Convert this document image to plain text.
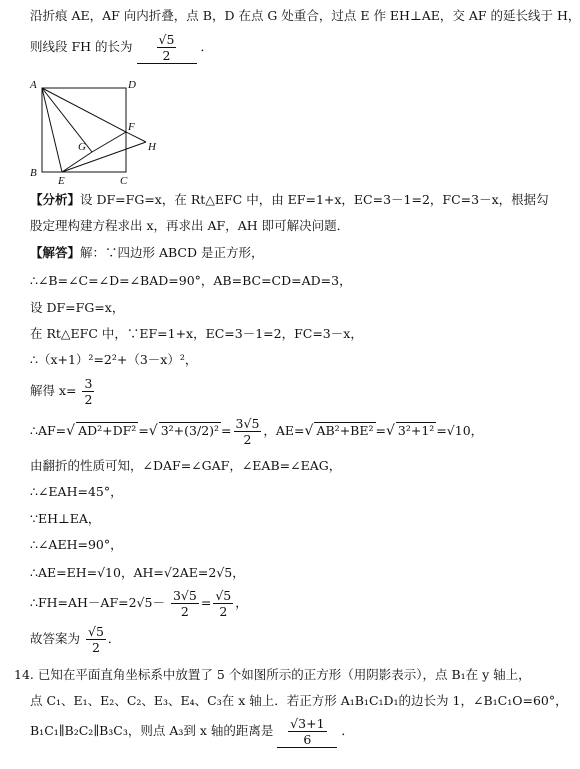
沿折痕 AE，AF 向内折叠，点 B，D 在点 G 处重合，过点 E 作 EH⊥AE，交 AF 的延长线于 H，
则线段 FH 的长为 $\frac{√5}{2}$ ．
A	D
B
C
E
F
G	H
【分析】设 DF=FG=x，在 Rt△EFC 中，由 EF=1+x，EC=3－1=2，FC=3－x，根据勾
股定理构建方程求出 x，再求出 AF，AH 即可解决问题．
【解答】解：∵四边形 ABCD 是正方形，
∴∠B=∠C=∠D=∠BAD=90°，AB=BC=CD=AD=3，
设 DF=FG=x，
在 Rt△EFC 中，∵EF=1+x，EC=3－1=2，FC=3－x，
∴（x+1）²=2²+（3－x）²，
解得 $x= \frac{3}{2}$
∴AF=√ AD²+DF² =√ $3^2+(3/2)^2 = \frac{3√5}{2}$ ，AE=√ AB²+BE² =√ 3²+1² =√10，
由翻折的性质可知，∠DAF=∠GAF，∠EAB=∠EAG，
∴∠EAH=45°，
∵EH⊥EA，
∴∠AEH=90°，
∴AE=EH=√10，AH=√2AE=2√5，
∴FH=AH－AF=2√5－ $\frac{3√5}{2} = \frac{√5}{2}$ ，
故答案为 $\frac{√5}{2}$ ．
14. 已知在平面直角坐标系中放置了 5 个如图所示的正方形（用阴影表示），点 B₁在 y 轴上，
点 C₁、E₁、E₂、C₂、E₃、E₄、C₃在 x 轴上．若正方形 A₁B₁C₁D₁的边长为 1，∠B₁C₁O=60°，
B₁C₁∥B₂C₂∥B₃C₃，则点 A₃到 x 轴的距离是 $\frac{√3+1}{6}$ ．
